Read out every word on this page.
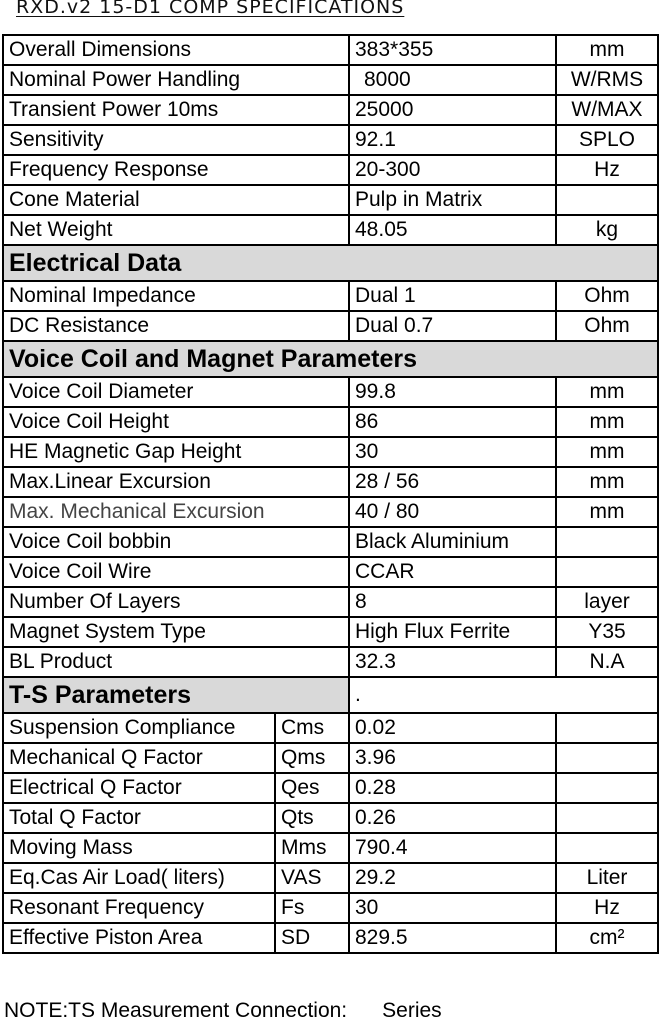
RXD.v2 15-D1 COMP SPECIFICATIONS
Overall Dimensions		383*355	mm
Nominal Power Handling		8000	W/RMS
Transient Power 10ms		25000	W/MAX
Sensitivity		92.1	SPLO
Frequency Response		20-300	Hz
Cone Material		Pulp in Matrix	
Net Weight		48.05	kg
Electrical Data			
Nominal Impedance		Dual 1	Ohm
DC Resistance		Dual 0.7	Ohm
Voice Coil and Magnet Parameters			
Voice Coil Diameter		99.8	mm
Voice Coil Height		86	mm
HE Magnetic Gap Height		30	mm
Max.Linear Excursion		28 / 56	mm
Max. Mechanical Excursion		40 / 80	mm
Voice Coil bobbin		Black Aluminium	
Voice Coil Wire		CCAR	
Number Of Layers		8	layer
Magnet System Type		High Flux Ferrite	Y35
BL Product		32.3	N.A
T-S Parameters		.	
Suspension Compliance	Cms	0.02	
Mechanical Q Factor	Qms	3.96	
Electrical Q Factor	Qes	0.28	
Total Q Factor	Qts	0.26	
Moving Mass	Mms	790.4	
Eq.Cas Air Load( liters)	VAS	29.2	Liter
Resonant Frequency	Fs	30	Hz
Effective Piston Area	SD	829.5	cm²
NOTE:TS Measurement Connection: Series
